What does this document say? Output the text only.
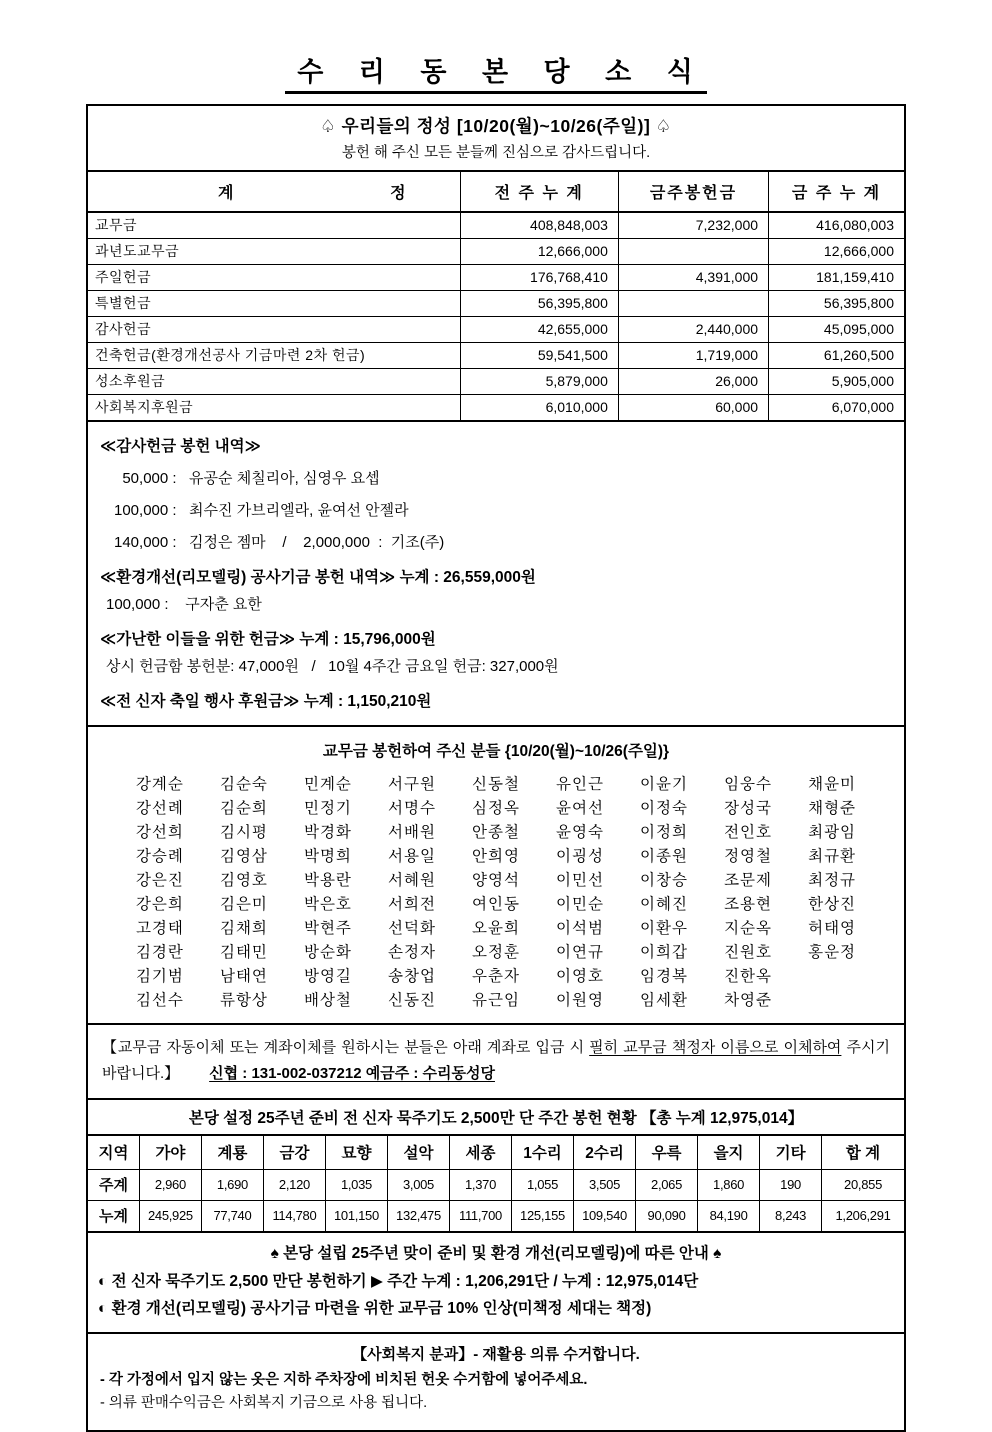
수 리 동 본 당 소 식
♤ 우리들의 정성 [10/20(월)~10/26(주일)] ♤
봉헌 해 주신 모든 분들께 진심으로 감사드립니다.
계 정	전 주 누 계	금주봉헌금	금 주 누 계
교무금	408,848,003	7,232,000	416,080,003
과년도교무금	12,666,000		12,666,000
주일헌금	176,768,410	4,391,000	181,159,410
특별헌금	56,395,800		56,395,800
감사헌금	42,655,000	2,440,000	45,095,000
건축헌금(환경개선공사 기금마련 2차 헌금)	59,541,500	1,719,000	61,260,500
성소후원금	5,879,000	26,000	5,905,000
사회복지후원금	6,010,000	60,000	6,070,000
≪감사헌금 봉헌 내역≫
50,000 :   유공순 체칠리아, 심영우 요셉
100,000 :   최수진 가브리엘라, 윤여선 안젤라
140,000 :   김정은 젬마    /    2,000,000  :  기조(주)
≪환경개선(리모델링) 공사기금 봉헌 내역≫ 누계 : 26,559,000원
100,000 :    구자춘 요한
≪가난한 이들을 위한 헌금≫ 누계 : 15,796,000원
상시 헌금함 봉헌분: 47,000원   /   10월 4주간 금요일 헌금: 327,000원
≪전 신자 축일 행사 후원금≫ 누계 : 1,150,210원
교무금 봉헌하여 주신 분들 {10/20(월)~10/26(주일)}
강계순	김순숙	민계순	서구원	신동철	유인근	이윤기	임웅수	채윤미
강선례	김순희	민정기	서명수	심정옥	윤여선	이정숙	장성국	채형준
강선희	김시평	박경화	서배원	안종철	윤영숙	이정희	전인호	최광임
강승례	김영삼	박명희	서용일	안희영	이굉성	이종원	정영철	최규환
강은진	김영호	박용란	서혜원	양영석	이민선	이창승	조문제	최정규
강은희	김은미	박은호	서희전	여인동	이민순	이혜진	조용현	한상진
고경태	김채희	박현주	선덕화	오윤희	이석범	이환우	지순옥	허태영
김경란	김태민	방순화	손정자	오정훈	이연규	이희갑	진원호	홍운정
김기범	남태연	방영길	송창업	우춘자	이영호	임경복	진한옥	
김선수	류항상	배상철	신동진	유근임	이원영	임세환	차영준	

【교무금 자동이체 또는 계좌이체를 원하시는 분들은 아래 계좌로 입금 시 필히 교무금 책정자 이름으로 이체하여 주시기 바랍니다.】 신협 : 131-002-037212 예금주 : 수리동성당

본당 설정 25주년 준비 전 신자 묵주기도 2,500만 단 주간 봉헌 현황 【총 누계 12,975,014】
지역	가야	계룡	금강	묘향	설악	세종	1수리	2수리	우륵	을지	기타	합 계
주계	2,960	1,690	2,120	1,035	3,005	1,370	1,055	3,505	2,065	1,860	190	20,855
누계	245,925	77,740	114,780	101,150	132,475	111,700	125,155	109,540	90,090	84,190	8,243	1,206,291
♠ 본당 설립 25주년 맞이 준비 및 환경 개선(리모델링)에 따른 안내 ♠
◐ 전 신자 묵주기도 2,500 만단 봉헌하기 ▶ 주간 누계 : 1,206,291단 / 누계 : 12,975,014단
◐ 환경 개선(리모델링) 공사기금 마련을 위한 교무금 10% 인상(미책정 세대는 책정)
【사회복지 분과】- 재활용 의류 수거합니다.
- 각 가정에서 입지 않는 옷은 지하 주차장에 비치된 헌옷 수거함에 넣어주세요.
- 의류 판매수익금은 사회복지 기금으로 사용 됩니다.
